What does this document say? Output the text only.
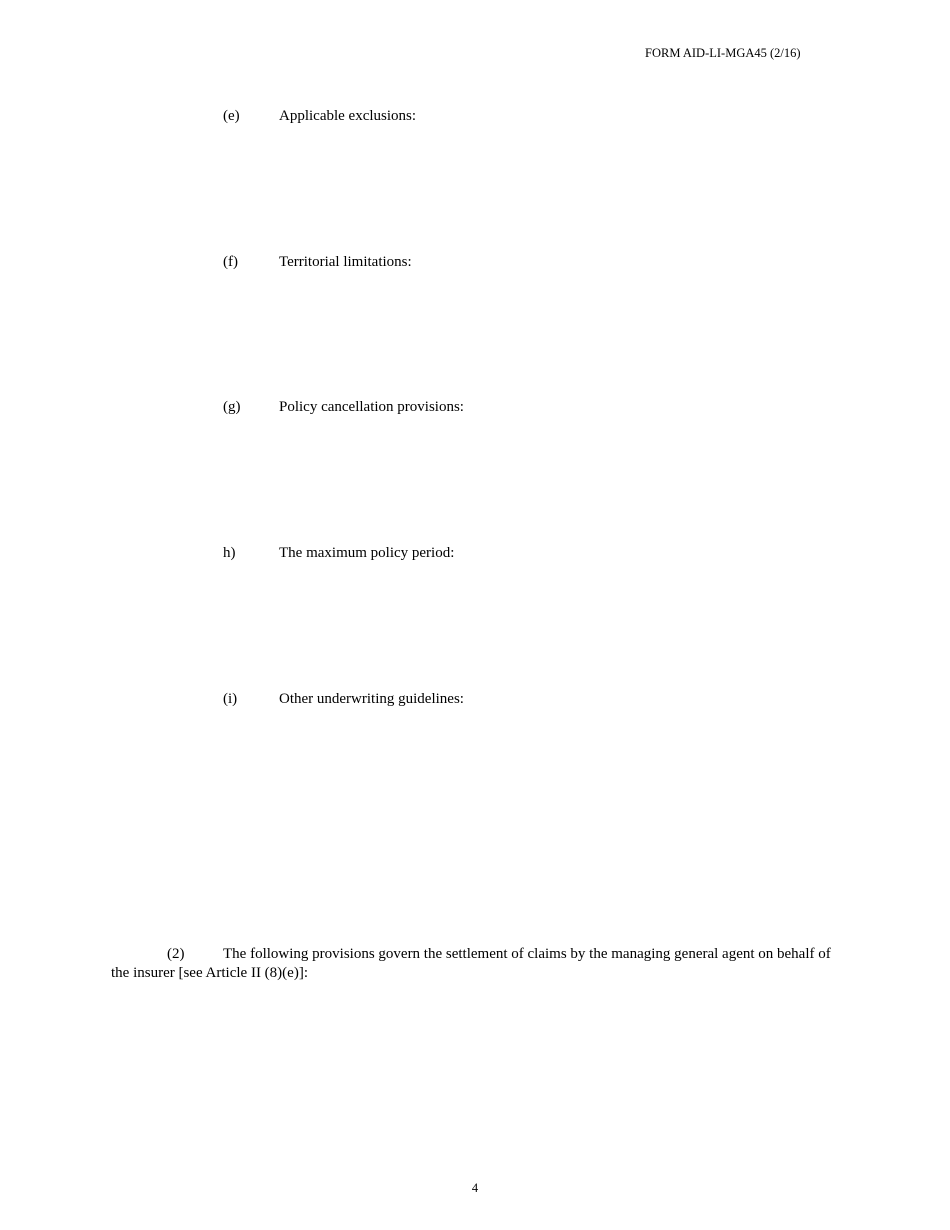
FORM AID-LI-MGA45 (2/16)
(e)	Applicable exclusions:
(f)	Territorial limitations:
(g)	Policy cancellation provisions:
h)	The maximum policy period:
(i)	Other underwriting guidelines:
(2)	The following provisions govern the settlement of claims by the managing general agent on behalf of the insurer [see Article II (8)(e)]:
4
